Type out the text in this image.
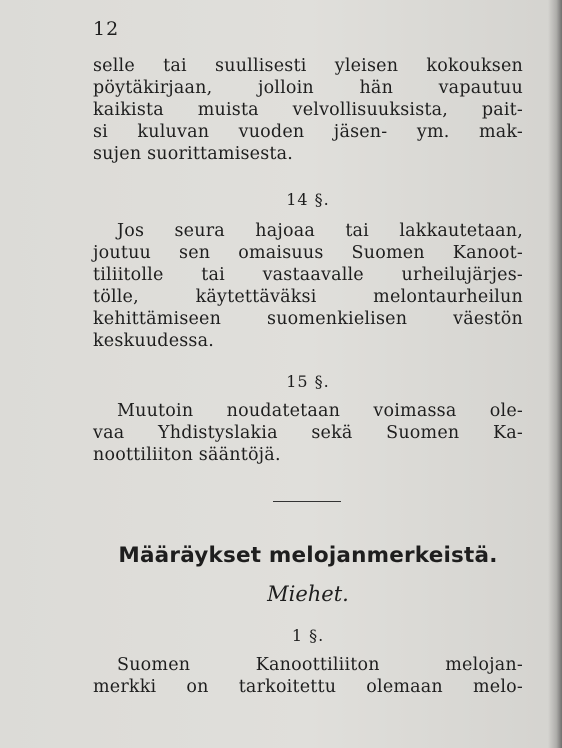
12
selle tai suullisesti yleisen kokouksen
pöytäkirjaan, jolloin hän vapautuu
kaikista muista velvollisuuksista, pait-
si kuluvan vuoden jäsen- ym. mak-
sujen suorittamisesta.
14 §.
Jos seura hajoaa tai lakkautetaan,
joutuu sen omaisuus Suomen Kanoot-
tiliitolle tai vastaavalle urheilujärjes-
tölle, käytettäväksi melontaurheilun
kehittämiseen suomenkielisen väestön
keskuudessa.
15 §.
Muutoin noudatetaan voimassa ole-
vaa Yhdistyslakia sekä Suomen Ka-
noottiliiton sääntöjä.
Määräykset melojanmerkeistä.
Miehet.
1 §.
Suomen Kanoottiliiton melojan-
merkki on tarkoitettu olemaan melo-
